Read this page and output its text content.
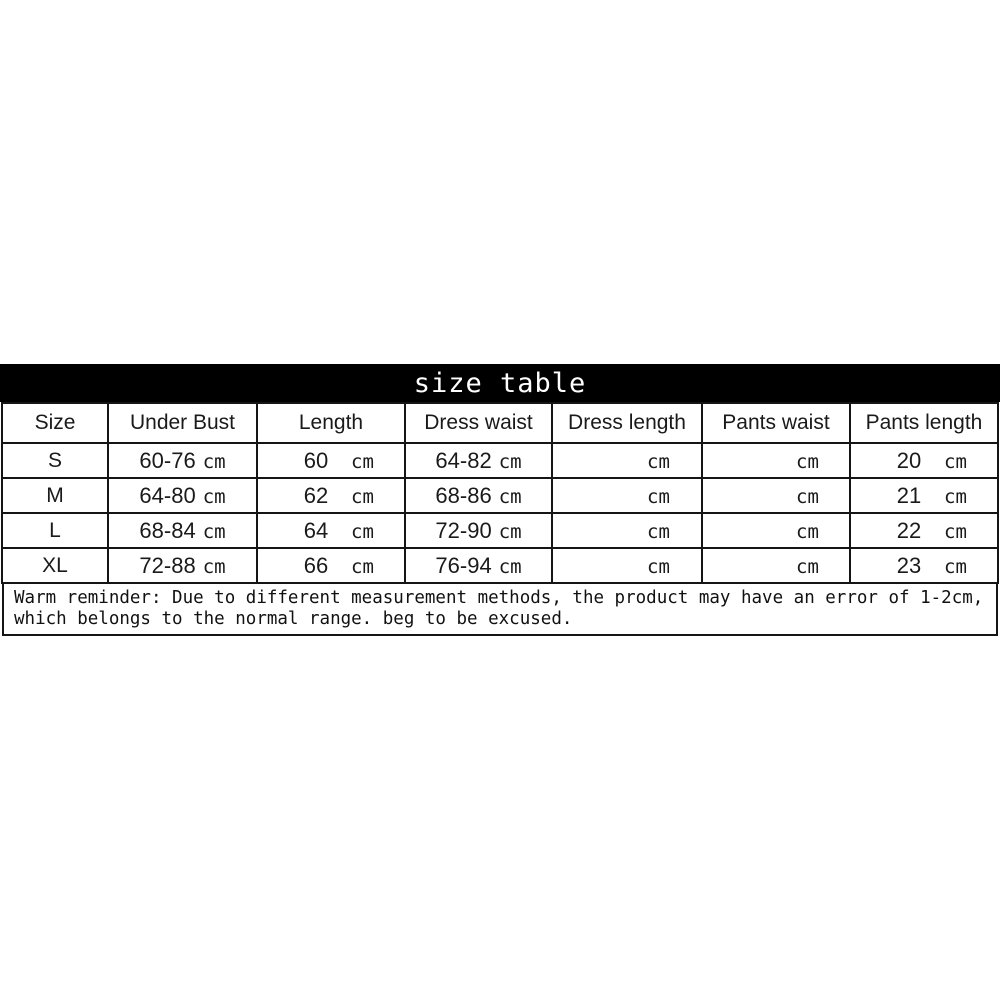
size table
Size	Under Bust	Length	Dress waist	Dress length	Pants waist	Pants length
S	60-76 cm	60 cm	64-82 cm	cm	cm	20 cm
M	64-80 cm	62 cm	68-86 cm	cm	cm	21 cm
L	68-84 cm	64 cm	72-90 cm	cm	cm	22 cm
XL	72-88 cm	66 cm	76-94 cm	cm	cm	23 cm
Warm reminder: Due to different measurement methods, the product may have an error of 1-2cm,
which belongs to the normal range. beg to be excused.
